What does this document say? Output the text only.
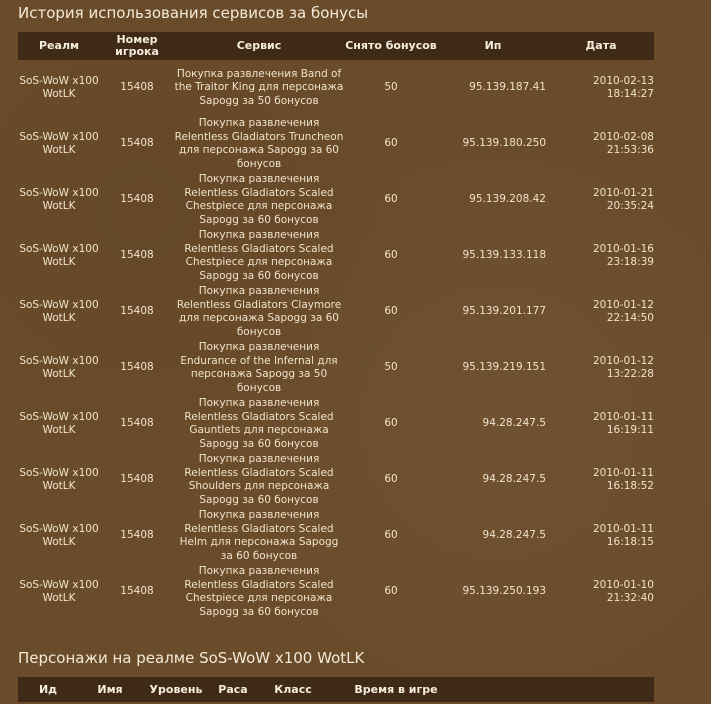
История использования сервисов за бонусы
Реалм	Номер игрока	Сервис	Снято бонусов	Ип	Дата
SoS-WoW x100 WotLK	15408	Покупка развлечения Band of the Traitor King для персонажа Sapogg за 50 бонусов	50	95.139.187.41	2010-02-13 18:14:27
SoS-WoW x100 WotLK	15408	Покупка развлечения Relentless Gladiators Truncheon для персонажа Sapogg за 60 бонусов	60	95.139.180.250	2010-02-08 21:53:36
SoS-WoW x100 WotLK	15408	Покупка развлечения Relentless Gladiators Scaled Chestpiece для персонажа Sapogg за 60 бонусов	60	95.139.208.42	2010-01-21 20:35:24
SoS-WoW x100 WotLK	15408	Покупка развлечения Relentless Gladiators Scaled Chestpiece для персонажа Sapogg за 60 бонусов	60	95.139.133.118	2010-01-16 23:18:39
SoS-WoW x100 WotLK	15408	Покупка развлечения Relentless Gladiators Claymore для персонажа Sapogg за 60 бонусов	60	95.139.201.177	2010-01-12 22:14:50
SoS-WoW x100 WotLK	15408	Покупка развлечения Endurance of the Infernal для персонажа Sapogg за 50 бонусов	50	95.139.219.151	2010-01-12 13:22:28
SoS-WoW x100 WotLK	15408	Покупка развлечения Relentless Gladiators Scaled Gauntlets для персонажа Sapogg за 60 бонусов	60	94.28.247.5	2010-01-11 16:19:11
SoS-WoW x100 WotLK	15408	Покупка развлечения Relentless Gladiators Scaled Shoulders для персонажа Sapogg за 60 бонусов	60	94.28.247.5	2010-01-11 16:18:52
SoS-WoW x100 WotLK	15408	Покупка развлечения Relentless Gladiators Scaled Helm для персонажа Sapogg за 60 бонусов	60	94.28.247.5	2010-01-11 16:18:15
SoS-WoW x100 WotLK	15408	Покупка развлечения Relentless Gladiators Scaled Chestpiece для персонажа Sapogg за 60 бонусов	60	95.139.250.193	2010-01-10 21:32:40
Персонажи на реалме SoS-WoW x100 WotLK
Ид	Имя	Уровень	Раса	Класс	Время в игре	
